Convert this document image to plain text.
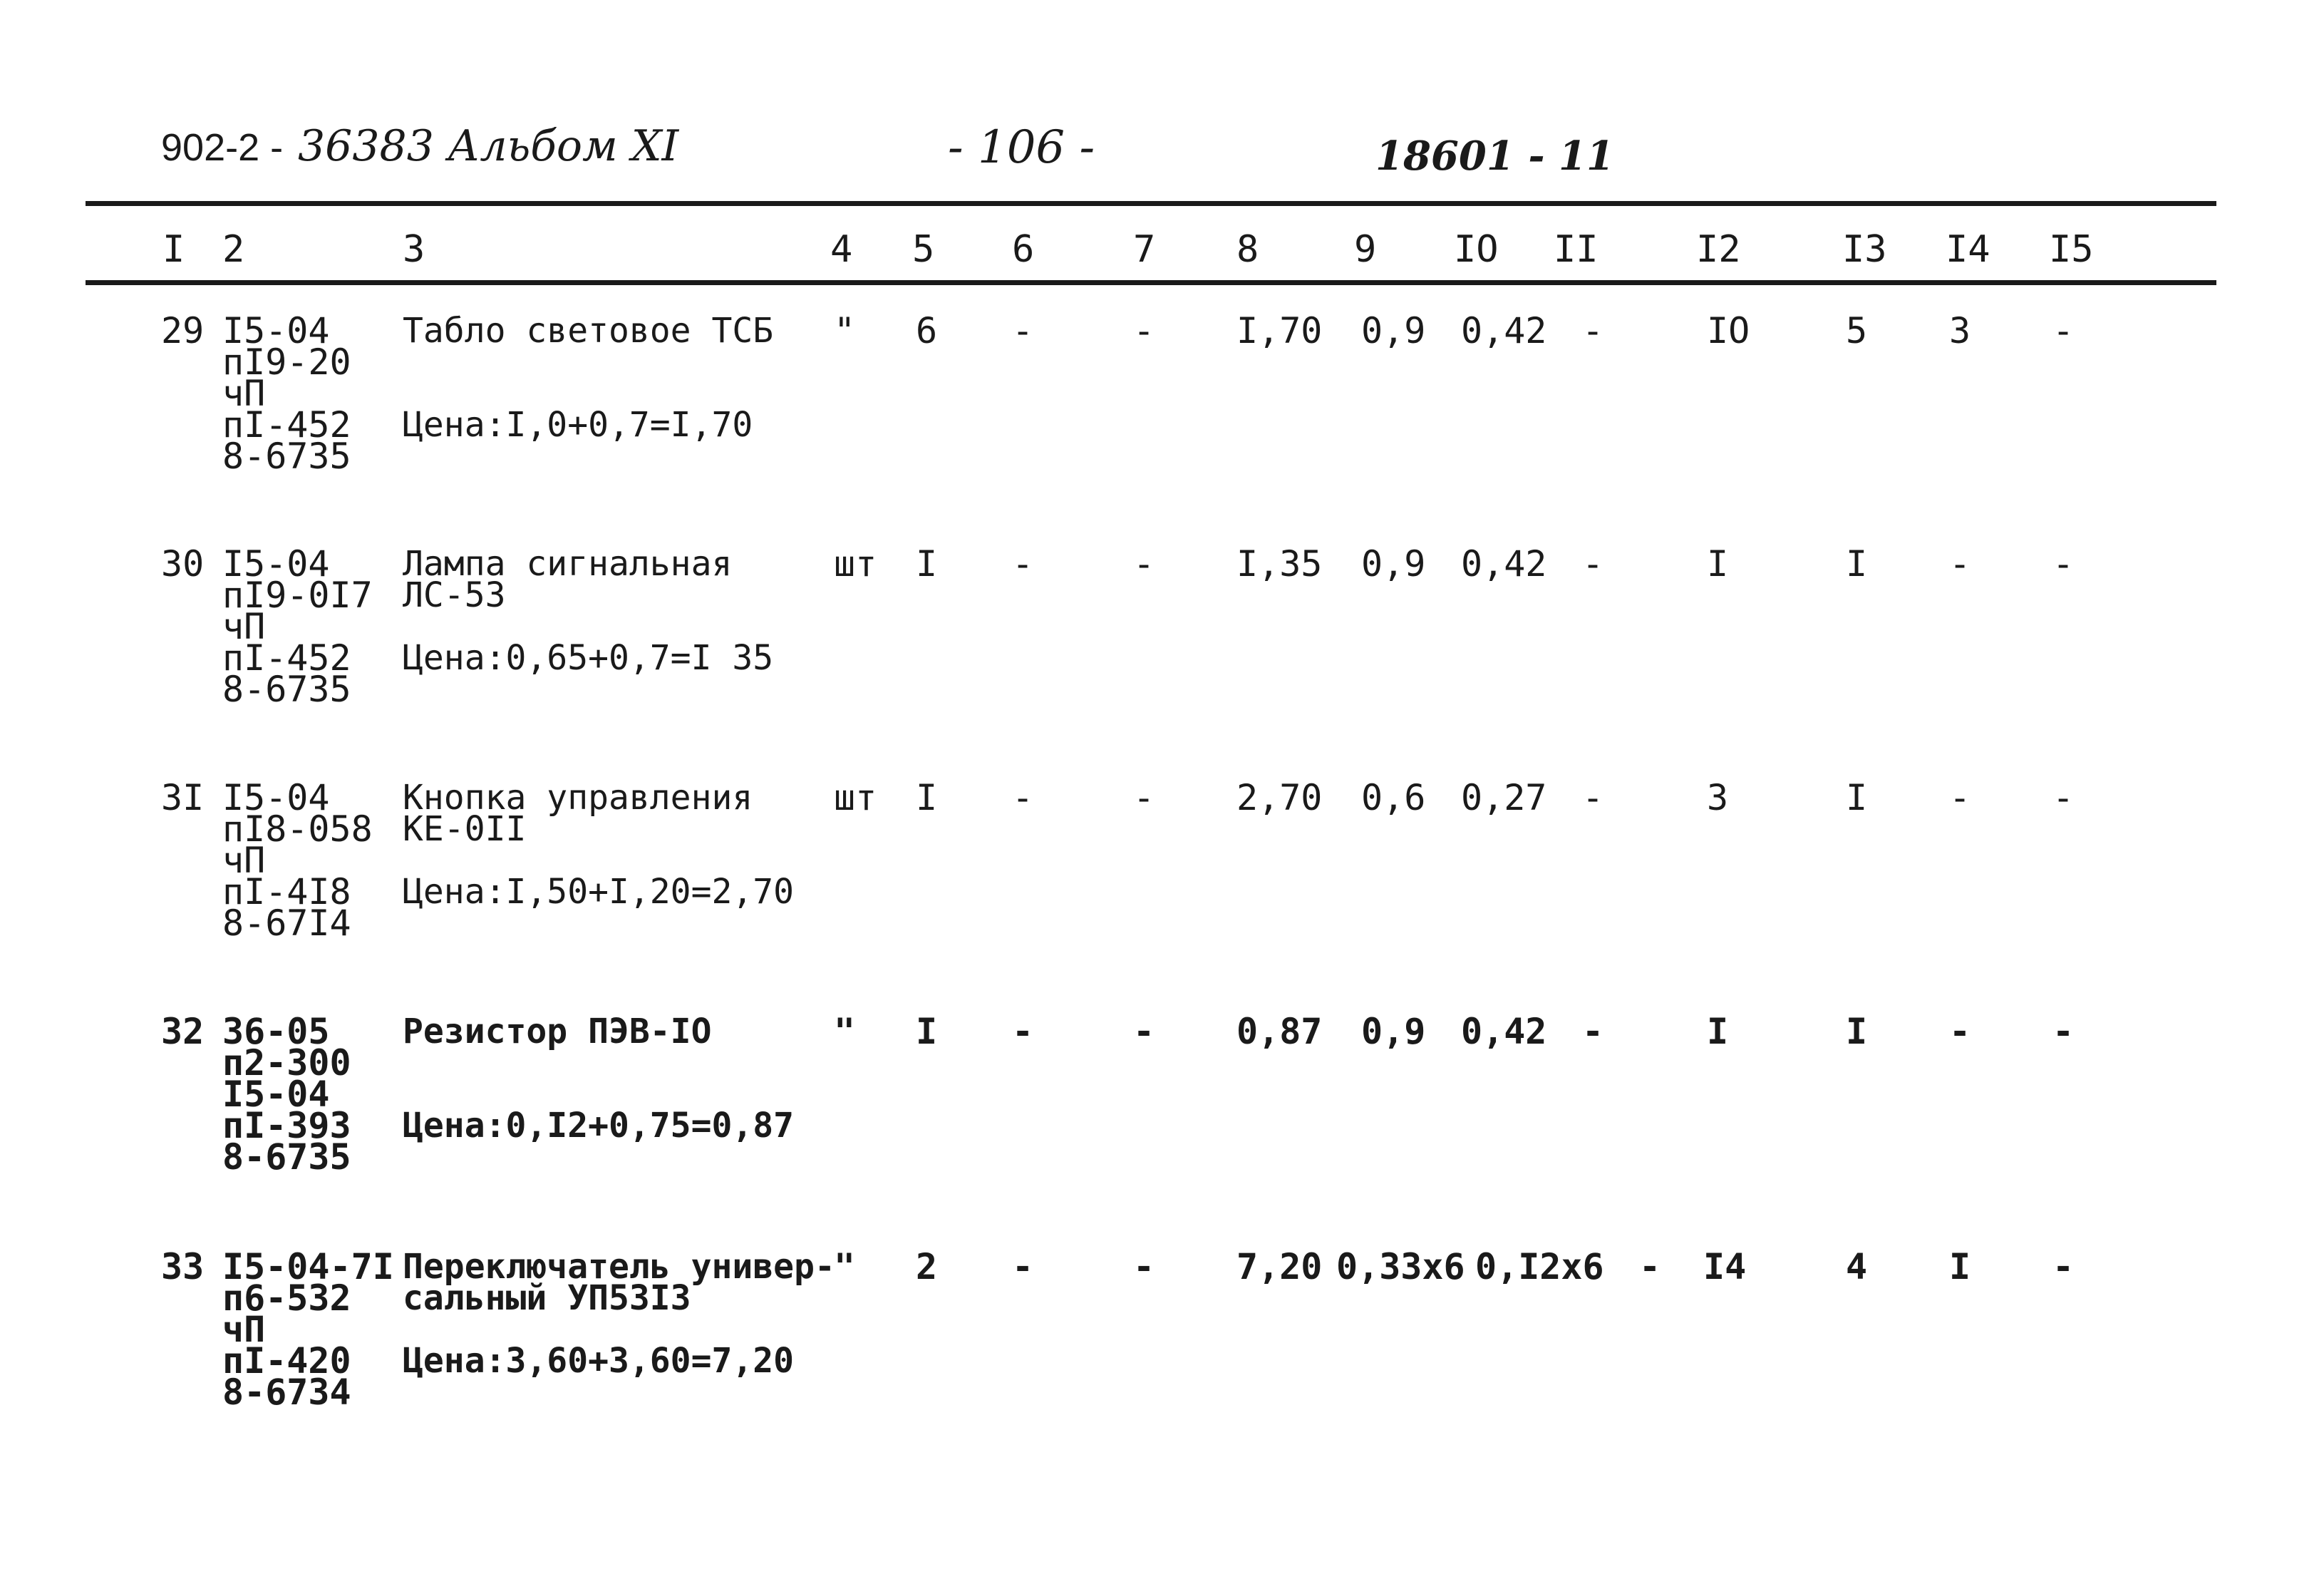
902-2 - 36383 Альбом XI	- 106 -	18601 - 11
I 2	3	4 5 6	7 8	9 IO II	I2	I3 I4 I5
29 I5-04
пI9-20
чП
пI-452
8-6735
Табло световое ТСБ
Цена:I,0+0,7=I,70
" 6 -	- I,70 0,9 0,42 -	IO	5 3 -
30 I5-04
пI9-0I7
чП
пI-452
8-6735
Лампа сигнальная
ЛС-53
Цена:0,65+0,7=I 35
шт I -	- I,35 0,9 0,42 -	I	I - -
3I I5-04
пI8-058
чП
пI-4I8
8-67I4
Кнопка управления
КЕ-0II
Цена:I,50+I,20=2,70
шт I -	- 2,70 0,6 0,27 -	3	I - -
32 36-05
п2-300
I5-04
пI-393
8-6735
Резистор ПЭВ-IO
Цена:0,I2+0,75=0,87
" I -	- 0,87 0,9 0,42 -	I	I - -
33 I5-04-7I
п6-532
чП
пI-420
8-6734
Переключатель универ-
сальный УП53I3
Цена:3,60+3,60=7,20
" 2 -	- 7,20 0,33х6 0,I2х6 - I4	4 I -
